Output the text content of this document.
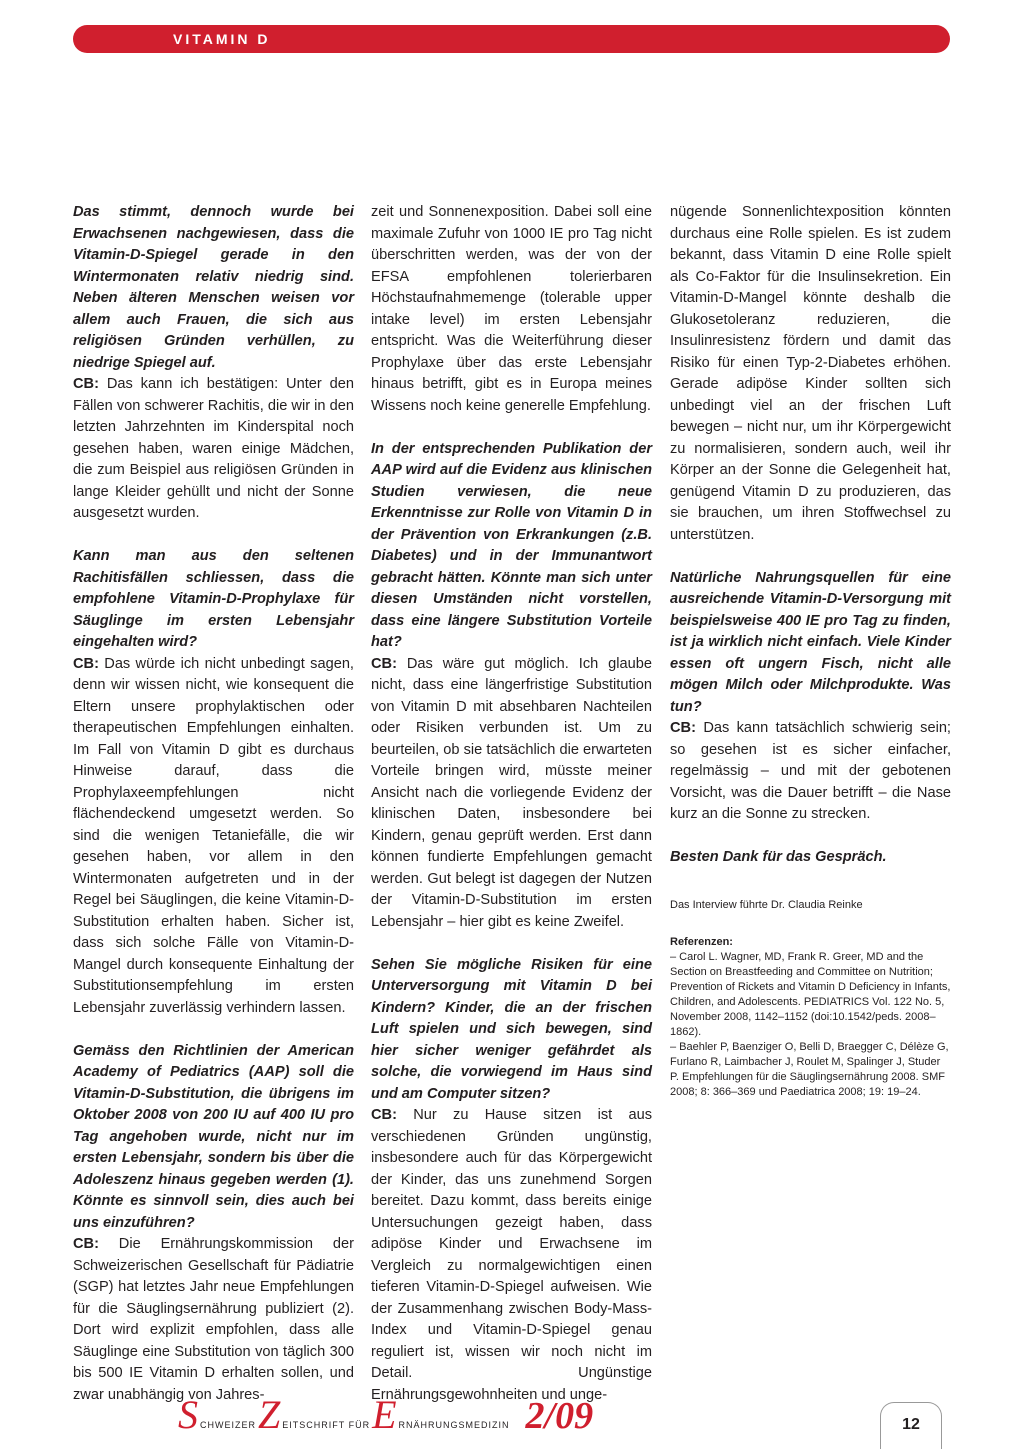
VITAMIN D

Das stimmt, dennoch wurde bei Erwachsenen nachgewiesen, dass die Vitamin-D-Spiegel gerade in den Wintermonaten relativ niedrig sind. Neben älteren Menschen weisen vor allem auch Frauen, die sich aus religiösen Gründen verhüllen, zu niedrige Spiegel auf.

CB: Das kann ich bestätigen: Unter den Fällen von schwerer Rachitis, die wir in den letzten Jahrzehnten im Kinderspital noch gesehen haben, waren einige Mädchen, die zum Beispiel aus religiösen Gründen in lange Kleider gehüllt und nicht der Sonne ausgesetzt wurden.

Kann man aus den seltenen Rachitisfällen schliessen, dass die empfohlene Vitamin-D-Prophylaxe für Säuglinge im ersten Lebensjahr eingehalten wird?

CB: Das würde ich nicht unbedingt sagen, denn wir wissen nicht, wie konsequent die Eltern unsere prophylaktischen oder therapeutischen Empfehlungen einhalten. Im Fall von Vitamin D gibt es durchaus Hinweise darauf, dass die Prophylaxeempfehlungen nicht flächendeckend umgesetzt werden. So sind die wenigen Tetaniefälle, die wir gesehen haben, vor allem in den Wintermonaten aufgetreten und in der Regel bei Säuglingen, die keine Vitamin-D-Substitution erhalten haben. Sicher ist, dass sich solche Fälle von Vitamin-D-Mangel durch konsequente Einhaltung der Substitutionsempfehlung im ersten Lebensjahr zuverlässig verhindern lassen.

Gemäss den Richtlinien der American Academy of Pediatrics (AAP) soll die Vitamin-D-Substitution, die übrigens im Oktober 2008 von 200 IU auf 400 IU pro Tag angehoben wurde, nicht nur im ersten Lebensjahr, sondern bis über die Adoleszenz hinaus gegeben werden (1). Könnte es sinnvoll sein, dies auch bei uns einzuführen?

CB: Die Ernährungskommission der Schweizerischen Gesellschaft für Pädiatrie (SGP) hat letztes Jahr neue Empfehlungen für die Säuglingsernährung publiziert (2). Dort wird explizit empfohlen, dass alle Säuglinge eine Substitution von täglich 300 bis 500 IE Vitamin D erhalten sollen, und zwar unabhängig von Jahres-

zeit und Sonnenexposition. Dabei soll eine maximale Zufuhr von 1000 IE pro Tag nicht überschritten werden, was der von der EFSA empfohlenen tolerierbaren Höchstaufnahmemenge (tolerable upper intake level) im ersten Lebensjahr entspricht. Was die Weiterführung dieser Prophylaxe über das erste Lebensjahr hinaus betrifft, gibt es in Europa meines Wissens noch keine generelle Empfehlung.

In der entsprechenden Publikation der AAP wird auf die Evidenz aus klinischen Studien verwiesen, die neue Erkenntnisse zur Rolle von Vitamin D in der Prävention von Erkrankungen (z.B. Diabetes) und in der Immunantwort gebracht hätten. Könnte man sich unter diesen Umständen nicht vorstellen, dass eine längere Substitution Vorteile hat?

CB: Das wäre gut möglich. Ich glaube nicht, dass eine längerfristige Substitution von Vitamin D mit absehbaren Nachteilen oder Risiken verbunden ist. Um zu beurteilen, ob sie tatsächlich die erwarteten Vorteile bringen wird, müsste meiner Ansicht nach die vorliegende Evidenz der klinischen Daten, insbesondere bei Kindern, genau geprüft werden. Erst dann können fundierte Empfehlungen gemacht werden. Gut belegt ist dagegen der Nutzen der Vitamin-D-Substitution im ersten Lebensjahr – hier gibt es keine Zweifel.

Sehen Sie mögliche Risiken für eine Unterversorgung mit Vitamin D bei Kindern? Kinder, die an der frischen Luft spielen und sich bewegen, sind hier sicher weniger gefährdet als solche, die vorwiegend im Haus sind und am Computer sitzen?

CB: Nur zu Hause sitzen ist aus verschiedenen Gründen ungünstig, insbesondere auch für das Körpergewicht der Kinder, das uns zunehmend Sorgen bereitet. Dazu kommt, dass bereits einige Untersuchungen gezeigt haben, dass adipöse Kinder und Erwachsene im Vergleich zu normalgewichtigen einen tieferen Vitamin-D-Spiegel aufweisen. Wie der Zusammenhang zwischen Body-Mass-Index und Vitamin-D-Spiegel genau reguliert ist, wissen wir noch nicht im Detail. Ungünstige Ernährungsgewohnheiten und unge-

nügende Sonnenlichtexposition könnten durchaus eine Rolle spielen. Es ist zudem bekannt, dass Vitamin D eine Rolle spielt als Co-Faktor für die Insulinsekretion. Ein Vitamin-D-Mangel könnte deshalb die Glukosetoleranz reduzieren, die Insulinresistenz fördern und damit das Risiko für einen Typ-2-Diabetes erhöhen. Gerade adipöse Kinder sollten sich unbedingt viel an der frischen Luft bewegen – nicht nur, um ihr Körpergewicht zu normalisieren, sondern auch, weil ihr Körper an der Sonne die Gelegenheit hat, genügend Vitamin D zu produzieren, das sie brauchen, um ihren Stoffwechsel zu unterstützen.

Natürliche Nahrungsquellen für eine ausreichende Vitamin-D-Versorgung mit beispielsweise 400 IE pro Tag zu finden, ist ja wirklich nicht einfach. Viele Kinder essen oft ungern Fisch, nicht alle mögen Milch oder Milchprodukte. Was tun?

CB: Das kann tatsächlich schwierig sein; so gesehen ist es sicher einfacher, regelmässig – und mit der gebotenen Vorsicht, was die Dauer betrifft – die Nase kurz an die Sonne zu strecken.

Besten Dank für das Gespräch.

Das Interview führte Dr. Claudia Reinke

Referenzen:
– Carol L. Wagner, MD, Frank R. Greer, MD and the Section on Breastfeeding and Committee on Nutrition; Prevention of Rickets and Vitamin D Deficiency in Infants, Children, and Adolescents. PEDIATRICS Vol. 122 No. 5, November 2008, 1142–1152 (doi:10.1542/peds. 2008–1862).
– Baehler P, Baenziger O, Belli D, Braegger C, Délèze G, Furlano R, Laimbacher J, Roulet M, Spalinger J, Studer P. Empfehlungen für die Säuglingsernährung 2008. SMF 2008; 8: 366–369 und Paediatrica 2008; 19: 19–24.
S CHWEIZER Z EITSCHRIFT FÜR E RNÄHRUNGSMEDIZIN 2/09	12
